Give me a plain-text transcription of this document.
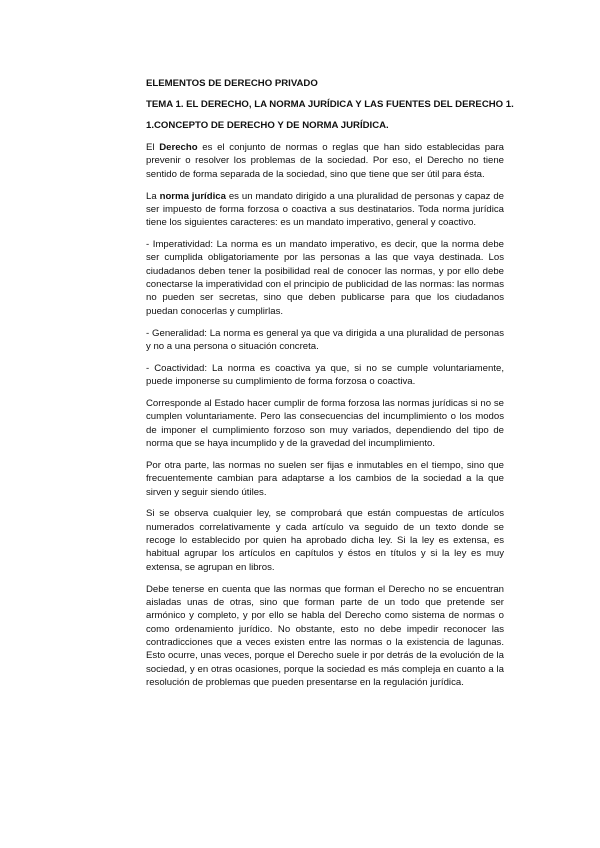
ELEMENTOS DE DERECHO PRIVADO

TEMA 1. EL DERECHO, LA NORMA JURÍDICA Y LAS FUENTES DEL DERECHO 1.

1.CONCEPTO DE DERECHO Y DE NORMA JURÍDICA.

El Derecho es el conjunto de normas o reglas que han sido establecidas para prevenir o resolver los problemas de la sociedad. Por eso, el Derecho no tiene sentido de forma separada de la sociedad, sino que tiene que ser útil para ésta.

La norma jurídica es un mandato dirigido a una pluralidad de personas y capaz de ser impuesto de forma forzosa o coactiva a sus destinatarios. Toda norma jurídica tiene los siguientes caracteres: es un mandato imperativo, general y coactivo.

- Imperatividad: La norma es un mandato imperativo, es decir, que la norma debe ser cumplida obligatoriamente por las personas a las que vaya destinada. Los ciudadanos deben tener la posibilidad real de conocer las normas, y por ello debe conectarse la imperatividad con el principio de publicidad de las normas: las normas no pueden ser secretas, sino que deben publicarse para que los ciudadanos puedan conocerlas y cumplirlas.

- Generalidad: La norma es general ya que va dirigida a una pluralidad de personas y no a una persona o situación concreta.

- Coactividad: La norma es coactiva ya que, si no se cumple voluntariamente, puede imponerse su cumplimiento de forma forzosa o coactiva.

Corresponde al Estado hacer cumplir de forma forzosa las normas jurídicas si no se cumplen voluntariamente. Pero las consecuencias del incumplimiento o los modos de imponer el cumplimiento forzoso son muy variados, dependiendo del tipo de norma que se haya incumplido y de la gravedad del incumplimiento.

Por otra parte, las normas no suelen ser fijas e inmutables en el tiempo, sino que frecuentemente cambian para adaptarse a los cambios de la sociedad a la que sirven y seguir siendo útiles.

Si se observa cualquier ley, se comprobará que están compuestas de artículos numerados correlativamente y cada artículo va seguido de un texto donde se recoge lo establecido por quien ha aprobado dicha ley. Si la ley es extensa, es habitual agrupar los artículos en capítulos y éstos en títulos y si la ley es muy extensa, se agrupan en libros.

Debe tenerse en cuenta que las normas que forman el Derecho no se encuentran aisladas unas de otras, sino que forman parte de un todo que pretende ser armónico y completo, y por ello se habla del Derecho como sistema de normas o como ordenamiento jurídico. No obstante, esto no debe impedir reconocer las contradicciones que a veces existen entre las normas o la existencia de lagunas. Esto ocurre, unas veces, porque el Derecho suele ir por detrás de la evolución de la sociedad, y en otras ocasiones, porque la sociedad es más compleja en cuanto a la resolución de problemas que pueden presentarse en la regulación jurídica.
